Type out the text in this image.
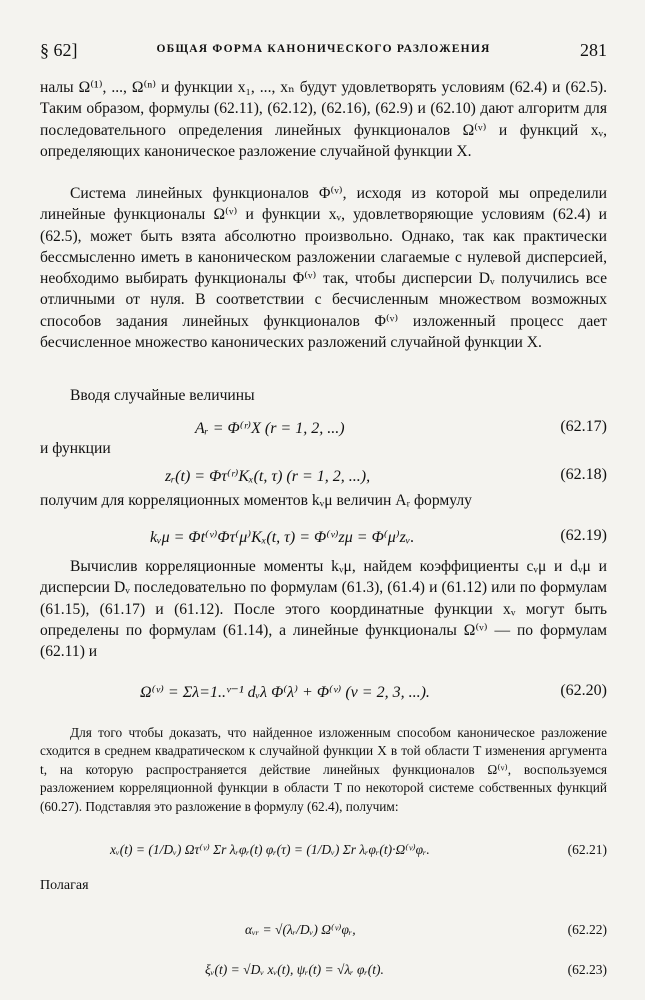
§ 62]	ОБЩАЯ ФОРМА КАНОНИЧЕСКОГО РАЗЛОЖЕНИЯ	281
налы Ω⁽¹⁾, ..., Ω⁽ⁿ⁾ и функции x₁, ..., xₙ будут удовлетворять условиям (62.4) и (62.5). Таким образом, формулы (62.11), (62.12), (62.16), (62.9) и (62.10) дают алгоритм для последовательного определения линейных функционалов Ω⁽ᵛ⁾ и функций xᵥ, определяющих каноническое разложение случайной функции X.
Система линейных функционалов Φ⁽ᵛ⁾, исходя из которой мы определили линейные функционалы Ω⁽ᵛ⁾ и функции xᵥ, удовлетворяющие условиям (62.4) и (62.5), может быть взята абсолютно произвольно. Однако, так как практически бессмысленно иметь в каноническом разложении слагаемые с нулевой дисперсией, необходимо выбирать функционалы Φ⁽ᵛ⁾ так, чтобы дисперсии Dᵥ получились все отличными от нуля. В соответствии с бесчисленным множеством возможных способов задания линейных функционалов Φ⁽ᵛ⁾ изложенный процесс дает бесчисленное множество канонических разложений случайной функции X.
Вводя случайные величины
Aᵣ = Φ⁽ʳ⁾X (r = 1, 2, ...)	(62.17)
и функции
zᵣ(t) = Φτ⁽ʳ⁾Kₓ(t, τ) (r = 1, 2, ...),	(62.18)
получим для корреляционных моментов kᵥμ величин Aᵣ формулу
kᵥμ = Φt⁽ᵛ⁾Φτ⁽μ⁾Kₓ(t, τ) = Φ⁽ᵛ⁾zμ = Φ⁽μ⁾zᵥ.	(62.19)
Вычислив корреляционные моменты kᵥμ, найдем коэффициенты cᵥμ и dᵥμ и дисперсии Dᵥ последовательно по формулам (61.3), (61.4) и (61.12) или по формулам (61.15), (61.17) и (61.12). После этого координатные функции xᵥ могут быть определены по формулам (61.14), а линейные функционалы Ω⁽ᵛ⁾ — по формулам (62.11) и
Ω⁽ᵛ⁾ = Σλ=1..ᵛ⁻¹ dᵥλ Φ⁽λ⁾ + Φ⁽ᵛ⁾ (ν = 2, 3, ...).	(62.20)
Для того чтобы доказать, что найденное изложенным способом каноническое разложение сходится в среднем квадратическом к случайной функции X в той области T изменения аргумента t, на которую распространяется действие линейных функционалов Ω⁽ᵛ⁾, воспользуемся разложением корреляционной функции в области T по некоторой системе собственных функций (60.27). Подставляя это разложение в формулу (62.4), получим:
xᵥ(t) = (1/Dᵥ) Ωτ⁽ᵛ⁾ Σr λᵣφᵣ(t) φᵣ(τ) = (1/Dᵥ) Σr λᵣφᵣ(t)·Ω⁽ᵛ⁾φᵣ.	(62.21)
Полагая
αᵥᵣ = √(λᵣ/Dᵥ) Ω⁽ᵛ⁾φᵣ,	(62.22)
ξᵥ(t) = √Dᵥ xᵥ(t), ψᵣ(t) = √λᵣ φᵣ(t).	(62.23)
